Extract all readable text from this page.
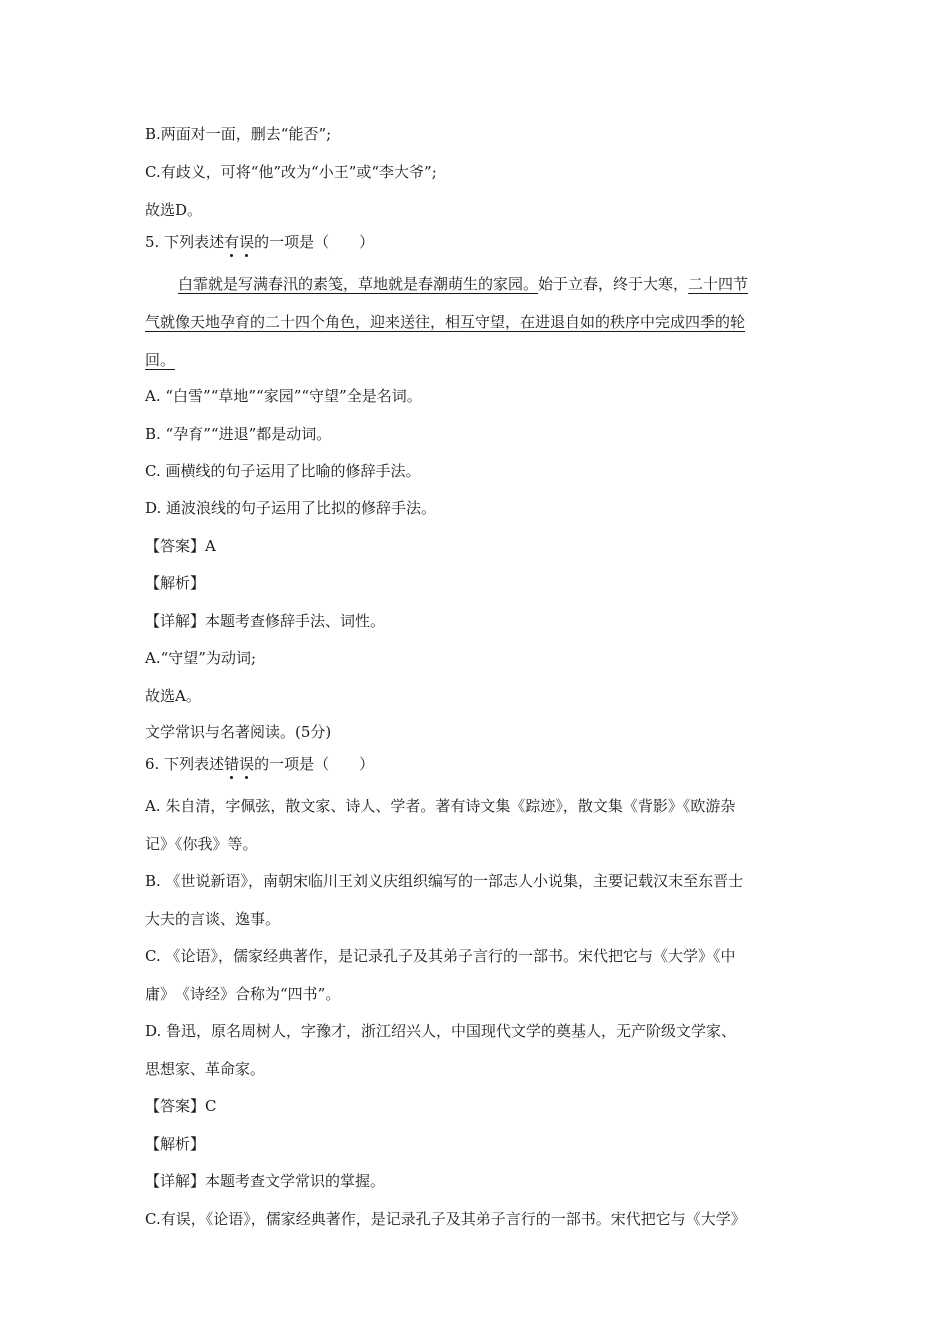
B.两面对一面，删去“能否”;
C.有歧义，可将“他”改为“小王”或“李大爷”;
故选D。
5. 下列表述有误的一项是（　　）
白霏就是写满春汛的素笺，草地就是春潮萌生的家园。始于立春，终于大寒，二十四节
气就像天地孕育的二十四个角色，迎来送往，相互守望，在进退自如的秩序中完成四季的轮
回。
A. “白雪”“草地”“家园”“守望”全是名词。
B. “孕育”“进退”都是动词。
C. 画横线的句子运用了比喻的修辞手法。
D. 通波浪线的句子运用了比拟的修辞手法。
【答案】A
【解析】
【详解】本题考查修辞手法、词性。
A.“守望”为动词;
故选A。
文学常识与名著阅读。(5分)
6. 下列表述错误的一项是（　　）
A. 朱自清，字佩弦，散文家、诗人、学者。著有诗文集《踪迹》，散文集《背影》《欧游杂
记》《你我》等。
B. 《世说新语》，南朝宋临川王刘义庆组织编写的一部志人小说集，主要记载汉末至东晋士
大夫的言谈、逸事。
C. 《论语》，儒家经典著作，是记录孔子及其弟子言行的一部书。宋代把它与《大学》《中
庸》　《诗经》合称为“四书”。
D. 鲁迅，原名周树人，字豫才，浙江绍兴人，中国现代文学的奠基人，无产阶级文学家、
思想家、革命家。
【答案】C
【解析】
【详解】本题考查文学常识的掌握。
C.有误，《论语》，儒家经典著作，是记录孔子及其弟子言行的一部书。宋代把它与《大学》
